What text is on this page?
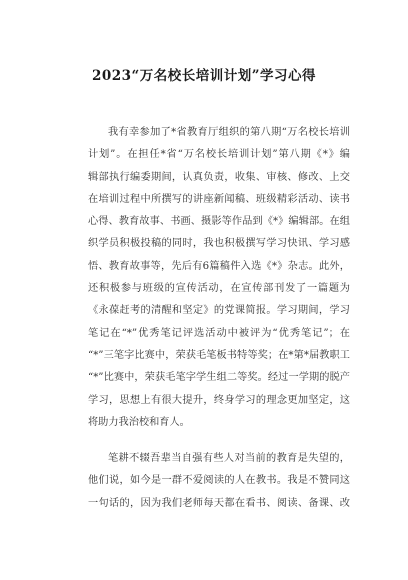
2023“万名校长培训计划”学习心得
我有幸参加了*省教育厅组织的第八期“万名校长培训
计划”。在担任*省“万名校长培训计划”第八期《*》编
辑部执行编委期间，认真负责，收集、审核、修改、上交
在培训过程中所撰写的讲座新闻稿、班级精彩活动、读书
心得、教育故事、书画、摄影等作品到《*》编辑部。在组
织学员积极投稿的同时，我也积极撰写学习快讯、学习感
悟、教育故事等，先后有6篇稿件入选《*》杂志。此外，
还积极参与班级的宣传活动，在宣传部刊发了一篇题为
《永葆赶考的清醒和坚定》的党课简报。学习期间，学习
笔记在“*”优秀笔记评选活动中被评为“优秀笔记”；在
“*”三笔字比赛中，荣获毛笔板书特等奖；在*第*届教职工
“*”比赛中，荣获毛笔字学生组二等奖。经过一学期的脱产
学习，思想上有很大提升，终身学习的理念更加坚定，这
将助力我治校和育人。
笔耕不辍吾辈当自强有些人对当前的教育是失望的，
他们说，如今是一群不爱阅读的人在教书。我是不赞同这
一句话的，因为我们老师每天都在看书、阅读、备课、改
